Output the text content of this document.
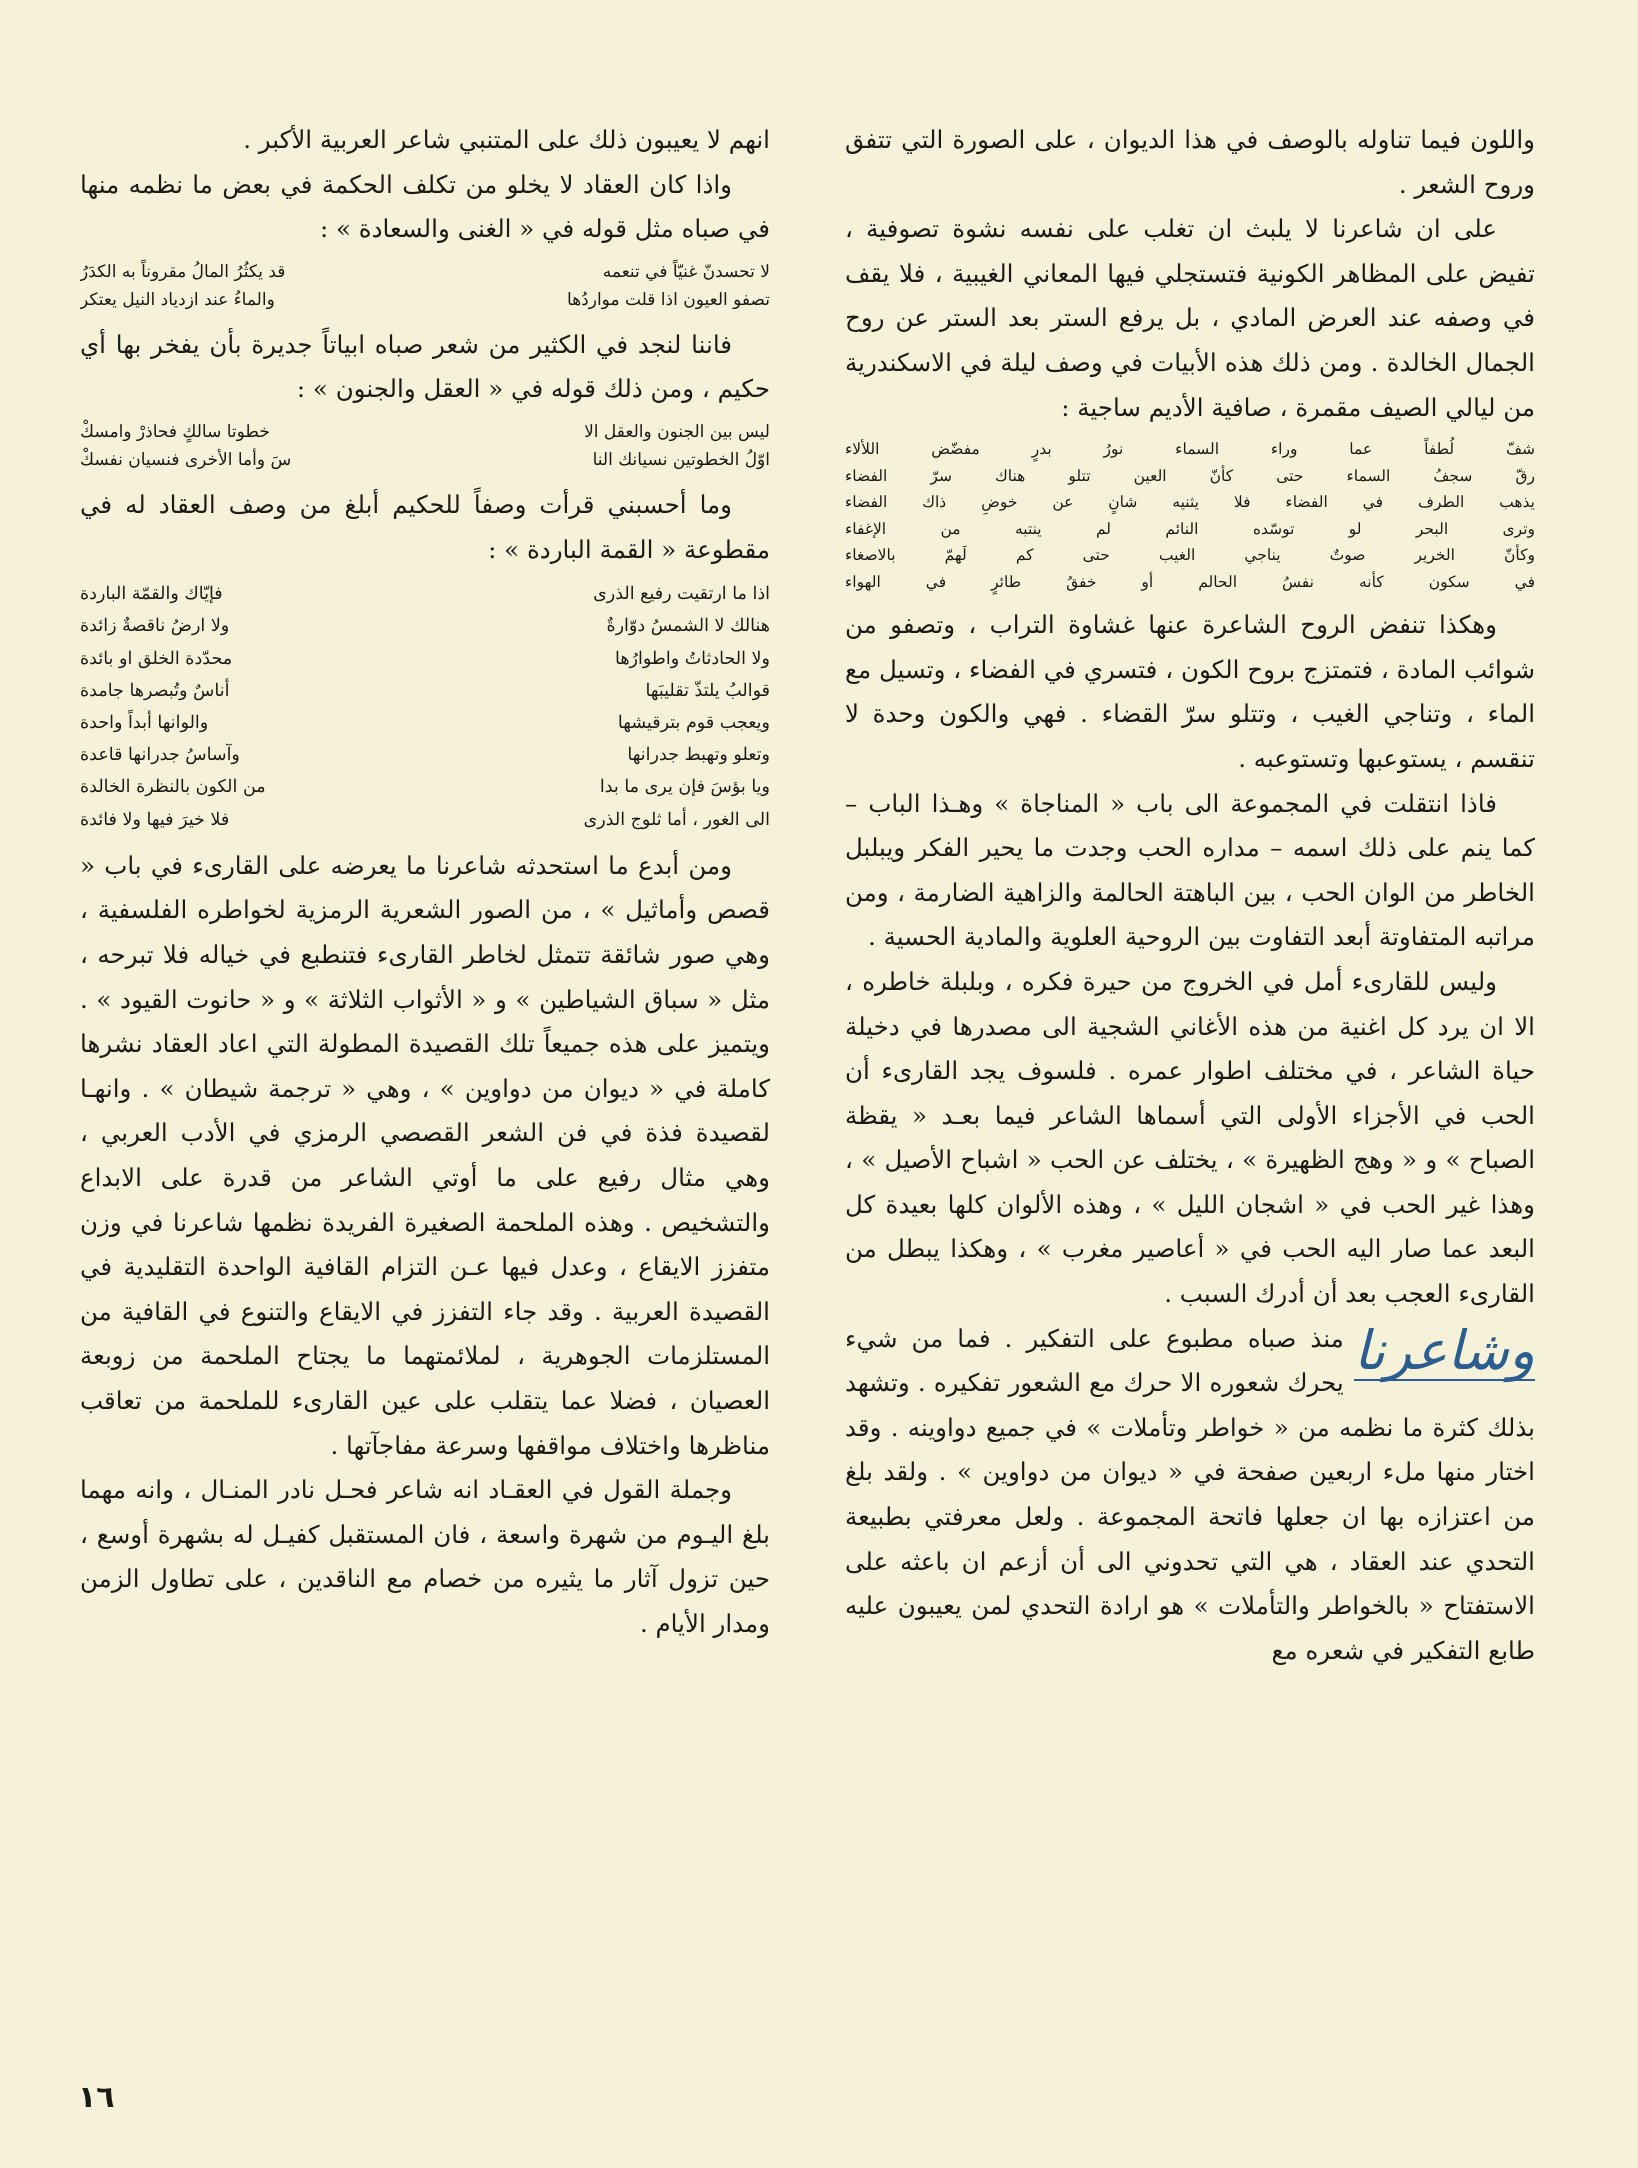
واللون فيما تناوله بالوصف في هذا الديوان ، على الصورة التي تتفق وروح الشعر .

على ان شاعرنا لا يلبث ان تغلب على نفسه نشوة تصوفية ، تفيض على المظاهر الكونية فتستجلي فيها المعاني الغيبية ، فلا يقف في وصفه عند العرض المادي ، بل يرفع الستر بعد الستر عن روح الجمال الخالدة . ومن ذلك هذه الأبيات في وصف ليلة في الاسكندرية من ليالي الصيف مقمرة ، صافية الأديم ساجية :

شفّ لُطفاً عما وراء السماء نورُ بدرٍ مفضّض اللألاء
رقّ سجفُ السماء حتى كأنّ العين تتلو هناك سرّ الفضاء
يذهب الطرف في الفضاء فلا يثنيه شانٍ عن خوضِ ذاك الفضاء
وترى البحر لو توسّده النائم لم ينتبه من الإغفاء
وكأنّ الخرير صوتٌ يناجي الغيب حتى كم لَهمّ بالاصغاء
في سكون كأنه نفسُ الحالم أو خفقُ طائرٍ في الهواء

وهكذا تنفض الروح الشاعرة عنها غشاوة التراب ، وتصفو من شوائب المادة ، فتمتزج بروح الكون ، فتسري في الفضاء ، وتسيل مع الماء ، وتناجي الغيب ، وتتلو سرّ القضاء . فهي والكون وحدة لا تنقسم ، يستوعبها وتستوعبه .

فاذا انتقلت في المجموعة الى باب « المناجاة » وهـذا الباب – كما ينم على ذلك اسمه – مداره الحب وجدت ما يحير الفكر ويبلبل الخاطر من الوان الحب ، بين الباهتة الحالمة والزاهية الضارمة ، ومن مراتبه المتفاوتة أبعد التفاوت بين الروحية العلوية والمادية الحسية .

وليس للقارىء أمل في الخروج من حيرة فكره ، وبلبلة خاطره ، الا ان يرد كل اغنية من هذه الأغاني الشجية الى مصدرها في دخيلة حياة الشاعر ، في مختلف اطوار عمره . فلسوف يجد القارىء أن الحب في الأجزاء الأولى التي أسماها الشاعر فيما بعـد « يقظة الصباح » و « وهج الظهيرة » ، يختلف عن الحب « اشباح الأصيل » ، وهذا غير الحب في « اشجان الليل » ، وهذه الألوان كلها بعيدة كل البعد عما صار اليه الحب في « أعاصير مغرب » ، وهكذا يبطل من القارىء العجب بعد أن أدرك السبب .

وشاعرنا
منذ صباه مطبوع على التفكير . فما من شيء يحرك شعوره الا حرك مع الشعور تفكيره . وتشهد بذلك كثرة ما نظمه من « خواطر وتأملات » في جميع دواوينه . وقد اختار منها ملء اربعين صفحة في « ديوان من دواوين » . ولقد بلغ من اعتزازه بها ان جعلها فاتحة المجموعة . ولعل معرفتي بطبيعة التحدي عند العقاد ، هي التي تحدوني الى أن أزعم ان باعثه على الاستفتاح « بالخواطر والتأملات » هو ارادة التحدي لمن يعيبون عليه طابع التفكير في شعره مع

انهم لا يعيبون ذلك على المتنبي شاعر العربية الأكبر .

واذا كان العقاد لا يخلو من تكلف الحكمة في بعض ما نظمه منها في صباه مثل قوله في « الغنى والسعادة » :

لا تحسدنّ غنيّاً في تنعمه
قد يكثُرُ المالُ مقروناً به الكدَرُ
تصفو العيون اذا قلت مواردُها
والماءُ عند ازدياد النيل يعتكر

فاننا لنجد في الكثير من شعر صباه ابياتاً جديرة بأن يفخر بها أي حكيم ، ومن ذلك قوله في « العقل والجنون » :

ليس بين الجنون والعقل الا
خطوتا سالكٍ فحاذرْ وامسكْ
اوّلُ الخطوتين نسيانك النا
سَ وأما الأخرى فنسيان نفسكْ

وما أحسبني قرأت وصفاً للحكيم أبلغ من وصف العقاد له في مقطوعة « القمة الباردة » :

اذا ما ارتقيت رفيع الذرى
فإيّاك والقمّة الباردة
هنالك لا الشمسُ دوّارةٌ
ولا ارضُ ناقصةٌ زائدة
ولا الحادثاتُ واطوارُها
محدّدة الخلق او بائدة
قوالبُ يلتذّ تقليبَها
أناسٌ وتُبصرها جامدة
ويعجب قوم بترقيشها
والوانها أبداً واحدة
وتعلو وتهبط جدرانها
وآساسُ جدرانها قاعدة
ويا بؤسَ فإن يرى ما بدا
من الكون بالنظرة الخالدة
الى الغور ، أما ثلوج الذرى
فلا خيرَ فيها ولا فائدة

ومن أبدع ما استحدثه شاعرنا ما يعرضه على القارىء في باب « قصص وأماثيل » ، من الصور الشعرية الرمزية لخواطره الفلسفية ، وهي صور شائقة تتمثل لخاطر القارىء فتنطبع في خياله فلا تبرحه ، مثل « سباق الشياطين » و « الأثواب الثلاثة » و « حانوت القيود » . ويتميز على هذه جميعاً تلك القصيدة المطولة التي اعاد العقاد نشرها كاملة في « ديوان من دواوين » ، وهي « ترجمة شيطان » . وانهـا لقصيدة فذة في فن الشعر القصصي الرمزي في الأدب العربي ، وهي مثال رفيع على ما أوتي الشاعر من قدرة على الابداع والتشخيص . وهذه الملحمة الصغيرة الفريدة نظمها شاعرنا في وزن متفزز الايقاع ، وعدل فيها عـن التزام القافية الواحدة التقليدية في القصيدة العربية . وقد جاء التفزز في الايقاع والتنوع في القافية من المستلزمات الجوهرية ، لملائمتهما ما يجتاح الملحمة من زوبعة العصيان ، فضلا عما يتقلب على عين القارىء للملحمة من تعاقب مناظرها واختلاف مواقفها وسرعة مفاجآتها .

وجملة القول في العقـاد انه شاعر فحـل نادر المنـال ، وانه مهما بلغ اليـوم من شهرة واسعة ، فان المستقبل كفيـل له بشهرة أوسع ، حين تزول آثار ما يثيره من خصام مع الناقدين ، على تطاول الزمن ومدار الأيام .

١٦
